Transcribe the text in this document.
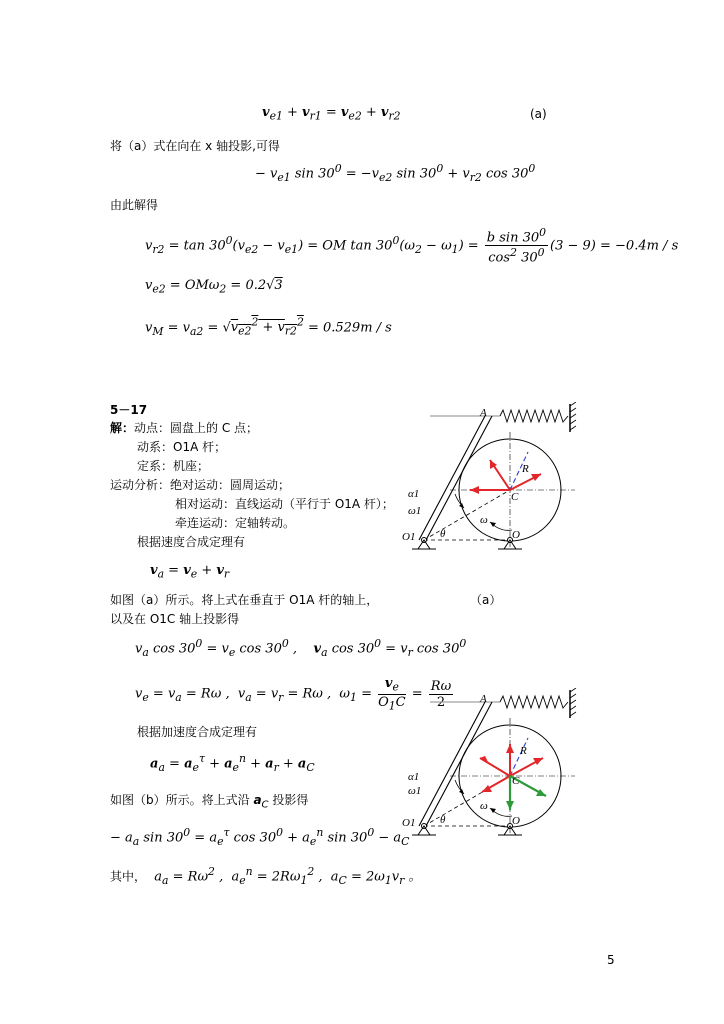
$v_{e1} + v_{r1} = v_{e2} + v_{r2}$	(a)
将（a）式在向在 x 轴投影,可得
− $v_{e1}$ $\sin 30^0 = -v_{e2}$ $\sin 30^0 + v_{r2}$ $\cos 30^0$
由此解得
$v_{r2} = \tan 30^0(v_{e2} - v_{e1})$ = OM $\tan 30^0(\omega_2 - \omega_1) = \frac{b \sin 30^0}{\cos^2 30^0} (3 - 9) = -0.4m / s$
$v_{e2} = OM\omega_2 = 0.2√3$
$v_M = v_{a2} = √v_{e2}^2 + v_{r2}^2 = 0.529m / s$
5－17
解：动点：圆盘上的 C 点；
动系：O1A 杆；
定系：机座；
运动分析：绝对运动：圆周运动；
相对运动：直线运动（平行于 O1A 杆）；
牵连运动：定轴转动。
根据速度合成定理有
$v_a = v_e + v_r$
如图（a）所示。将上式在垂直于 O1A 杆的轴上，	（a）
以及在 O1C 轴上投影得
$v_a$ $\cos 30^0 = v_e$ $\cos 30^0$ ,    $v_a$ $\cos 30^0 = v_r$ $\cos 30^0$
$v_e = v_a = R\omega$ ,  $v_a = v_r = R\omega$ ,  $\omega_1 = \frac{v_e}{O_1C} = \frac{R\omega}{2}$
根据加速度合成定理有
$a_a = a_e^\tau + a_e^n + a_r + a_C$
如图（b）所示。将上式沿 $a_C$ 投影得
− $a_a$ $\sin 30^0 = a_e^\tau$ $\cos 30^0 + a_e^n$ $\sin 30^0 - a_C$
其中，  $a_a = R\omega^2$ ,  $a_e^n = 2R\omega_1^2$ ,  $a_C = 2\omega_1v_r$ 。
5
A
R
C
O1	O
α1
ω1
ω
θ
A
R
C
O1	O
α1
ω1
ω
θ
